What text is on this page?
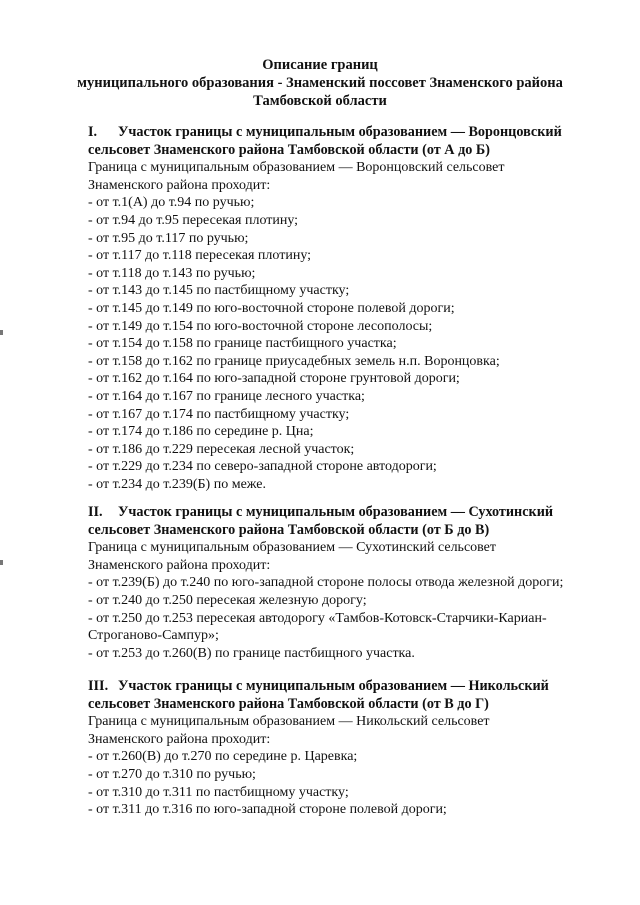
Описание границ
муниципального образования - Знаменский поссовет Знаменского района
Тамбовской области
I. Участок границы с муниципальным образованием — Воронцовский
сельсовет Знаменского района Тамбовской области (от А до Б)
Граница с муниципальным образованием — Воронцовский сельсовет
Знаменского района проходит:
- от т.1(А) до т.94 по ручью;
- от т.94 до т.95 пересекая плотину;
- от т.95 до т.117 по ручью;
- от т.117 до т.118 пересекая плотину;
- от т.118 до т.143 по ручью;
- от т.143 до т.145 по пастбищному участку;
- от т.145 до т.149 по юго-восточной стороне полевой дороги;
- от т.149 до т.154 по юго-восточной стороне лесополосы;
- от т.154 до т.158 по границе пастбищного участка;
- от т.158 до т.162 по границе приусадебных земель н.п. Воронцовка;
- от т.162 до т.164 по юго-западной стороне грунтовой дороги;
- от т.164 до т.167 по границе лесного участка;
- от т.167 до т.174 по пастбищному участку;
- от т.174 до т.186 по середине р. Цна;
- от т.186 до т.229 пересекая лесной участок;
- от т.229 до т.234 по северо-западной стороне автодороги;
- от т.234 до т.239(Б) по меже.
II. Участок границы с муниципальным образованием — Сухотинский
сельсовет Знаменского района Тамбовской области (от Б до В)
Граница с муниципальным образованием — Сухотинский сельсовет
Знаменского района проходит:
- от т.239(Б) до т.240 по юго-западной стороне полосы отвода железной дороги;
- от т.240 до т.250 пересекая железную дорогу;
- от т.250 до т.253 пересекая автодорогу «Тамбов-Котовск-Старчики-Кариан-
Строганово-Сампур»;
- от т.253 до т.260(В) по границе пастбищного участка.
III. Участок границы с муниципальным образованием — Никольский
сельсовет Знаменского района Тамбовской области (от В до Г)
Граница с муниципальным образованием — Никольский сельсовет
Знаменского района проходит:
- от т.260(В) до т.270 по середине р. Царевка;
- от т.270 до т.310 по ручью;
- от т.310 до т.311 по пастбищному участку;
- от т.311 до т.316 по юго-западной стороне полевой дороги;
